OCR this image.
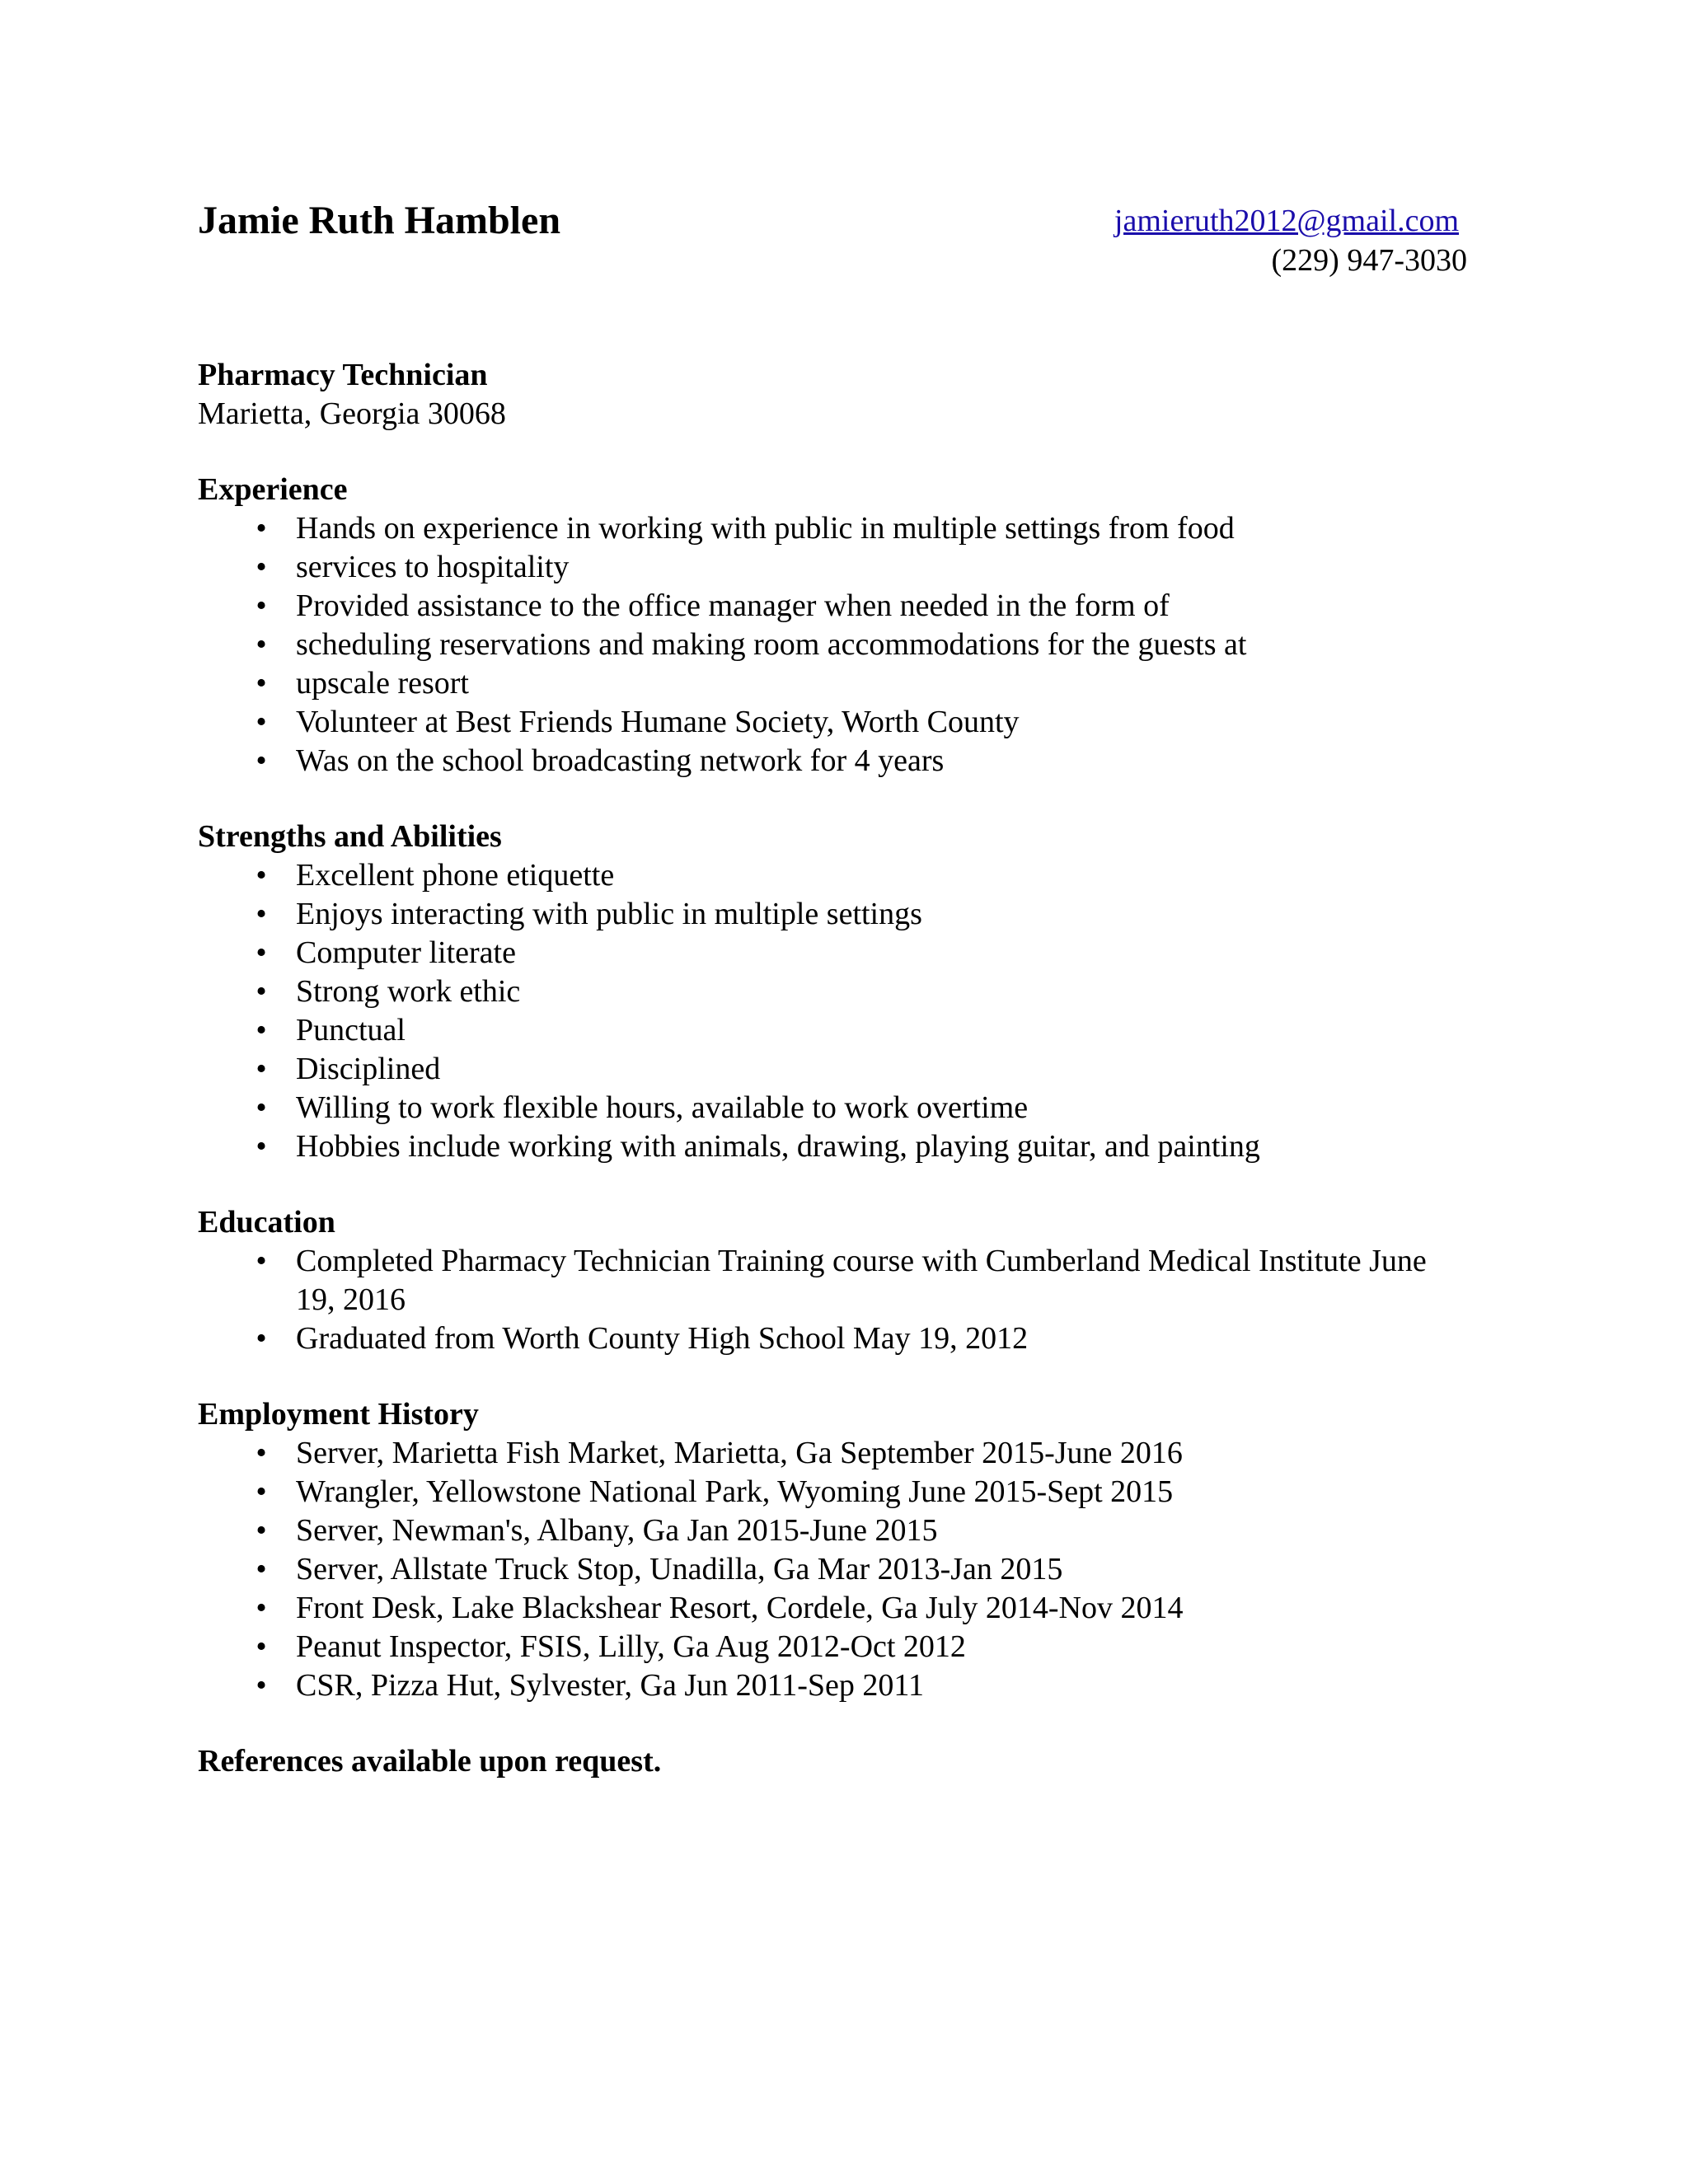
Jamie Ruth Hamblen	jamieruth2012@gmail.com
(229) 947-3030

Pharmacy Technician

Marietta, Georgia 30068

Experience

• Hands on experience in working with public in multiple settings from food
• services to hospitality
• Provided assistance to the office manager when needed in the form of
• scheduling reservations and making room accommodations for the guests at
• upscale resort
• Volunteer at Best Friends Humane Society, Worth County
• Was on the school broadcasting network for 4 years

Strengths and Abilities

• Excellent phone etiquette
• Enjoys interacting with public in multiple settings
• Computer literate
• Strong work ethic
• Punctual
• Disciplined
• Willing to work flexible hours, available to work overtime
• Hobbies include working with animals, drawing, playing guitar, and painting

Education

• Completed Pharmacy Technician Training course with Cumberland Medical Institute June 19, 2016
• Graduated from Worth County High School May 19, 2012

Employment History

• Server, Marietta Fish Market, Marietta, Ga September 2015-June 2016
• Wrangler, Yellowstone National Park, Wyoming June 2015-Sept 2015
• Server, Newman's, Albany, Ga Jan 2015-June 2015
• Server, Allstate Truck Stop, Unadilla, Ga Mar 2013-Jan 2015
• Front Desk, Lake Blackshear Resort, Cordele, Ga July 2014-Nov 2014
• Peanut Inspector, FSIS, Lilly, Ga Aug 2012-Oct 2012
• CSR, Pizza Hut, Sylvester, Ga Jun 2011-Sep 2011
References available upon request.
